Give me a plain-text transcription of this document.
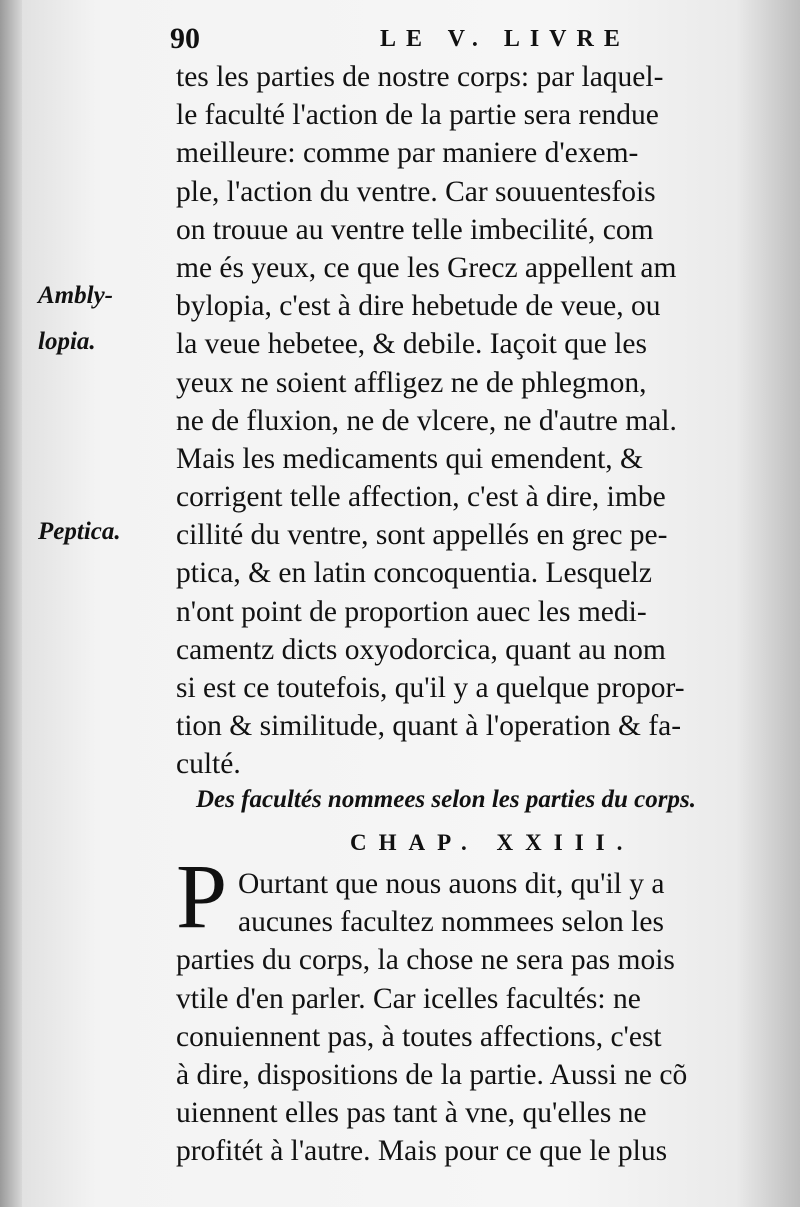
90	LE V. LIVRE
Ambly-
lopia.
Peptica.
tes les parties de nostre corps: par laquel-
le faculté l'action de la partie sera rendue
meilleure: comme par maniere d'exem-
ple, l'action du ventre. Car souuentesfois
on trouue au ventre telle imbecilité, com
me és yeux, ce que les Grecz appellent am
bylopia, c'est à dire hebetude de veue, ou
la veue hebetee, & debile. Iaçoit que les
yeux ne soient affligez ne de phlegmon,
ne de fluxion, ne de vlcere, ne d'autre mal.
Mais les medicaments qui emendent, &
corrigent telle affection, c'est à dire, imbe
cillité du ventre, sont appellés en grec pe-
ptica, & en latin concoquentia. Lesquelz
n'ont point de proportion auec les medi-
camentz dicts oxyodorcica, quant au nom
si est ce toutefois, qu'il y a quelque propor-
tion & similitude, quant à l'operation & fa-
culté.
Des facultés nommees selon les parties du corps.
CHAP. XXIII.
P Ourtant que nous auons dit, qu'il y a
aucunes facultez nommees selon les
parties du corps, la chose ne sera pas mois
vtile d'en parler. Car icelles facultés: ne
conuiennent pas, à toutes affections, c'est
à dire, dispositions de la partie. Aussi ne cõ
uiennent elles pas tant à vne, qu'elles ne
profitét à l'autre. Mais pour ce que le plus
